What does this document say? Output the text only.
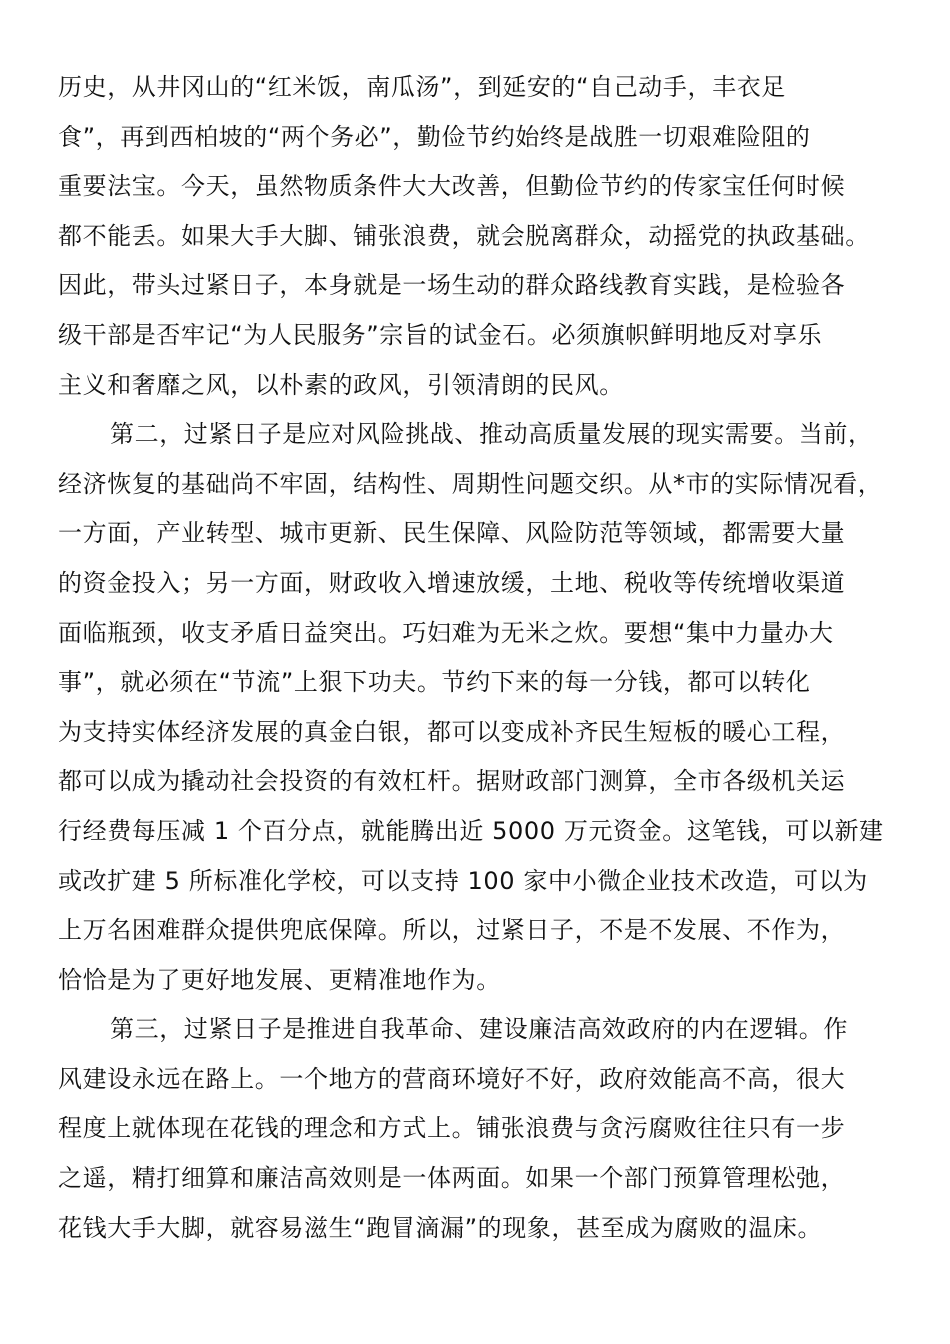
历史，从井冈山的“红米饭，南瓜汤”，到延安的“自己动手，丰衣足
食”，再到西柏坡的“两个务必”，勤俭节约始终是战胜一切艰难险阻的
重要法宝。今天，虽然物质条件大大改善，但勤俭节约的传家宝任何时候
都不能丢。如果大手大脚、铺张浪费，就会脱离群众，动摇党的执政基础。
因此，带头过紧日子，本身就是一场生动的群众路线教育实践，是检验各
级干部是否牢记“为人民服务”宗旨的试金石。必须旗帜鲜明地反对享乐
主义和奢靡之风，以朴素的政风，引领清朗的民风。
第二，过紧日子是应对风险挑战、推动高质量发展的现实需要。当前，
经济恢复的基础尚不牢固，结构性、周期性问题交织。从*市的实际情况看，
一方面，产业转型、城市更新、民生保障、风险防范等领域，都需要大量
的资金投入；另一方面，财政收入增速放缓，土地、税收等传统增收渠道
面临瓶颈，收支矛盾日益突出。巧妇难为无米之炊。要想“集中力量办大
事”，就必须在“节流”上狠下功夫。节约下来的每一分钱，都可以转化
为支持实体经济发展的真金白银，都可以变成补齐民生短板的暖心工程，
都可以成为撬动社会投资的有效杠杆。据财政部门测算，全市各级机关运
行经费每压减 1 个百分点，就能腾出近 5000 万元资金。这笔钱，可以新建
或改扩建 5 所标准化学校，可以支持 100 家中小微企业技术改造，可以为
上万名困难群众提供兜底保障。所以，过紧日子，不是不发展、不作为，
恰恰是为了更好地发展、更精准地作为。
第三，过紧日子是推进自我革命、建设廉洁高效政府的内在逻辑。作
风建设永远在路上。一个地方的营商环境好不好，政府效能高不高，很大
程度上就体现在花钱的理念和方式上。铺张浪费与贪污腐败往往只有一步
之遥，精打细算和廉洁高效则是一体两面。如果一个部门预算管理松弛，
花钱大手大脚，就容易滋生“跑冒滴漏”的现象，甚至成为腐败的温床。
